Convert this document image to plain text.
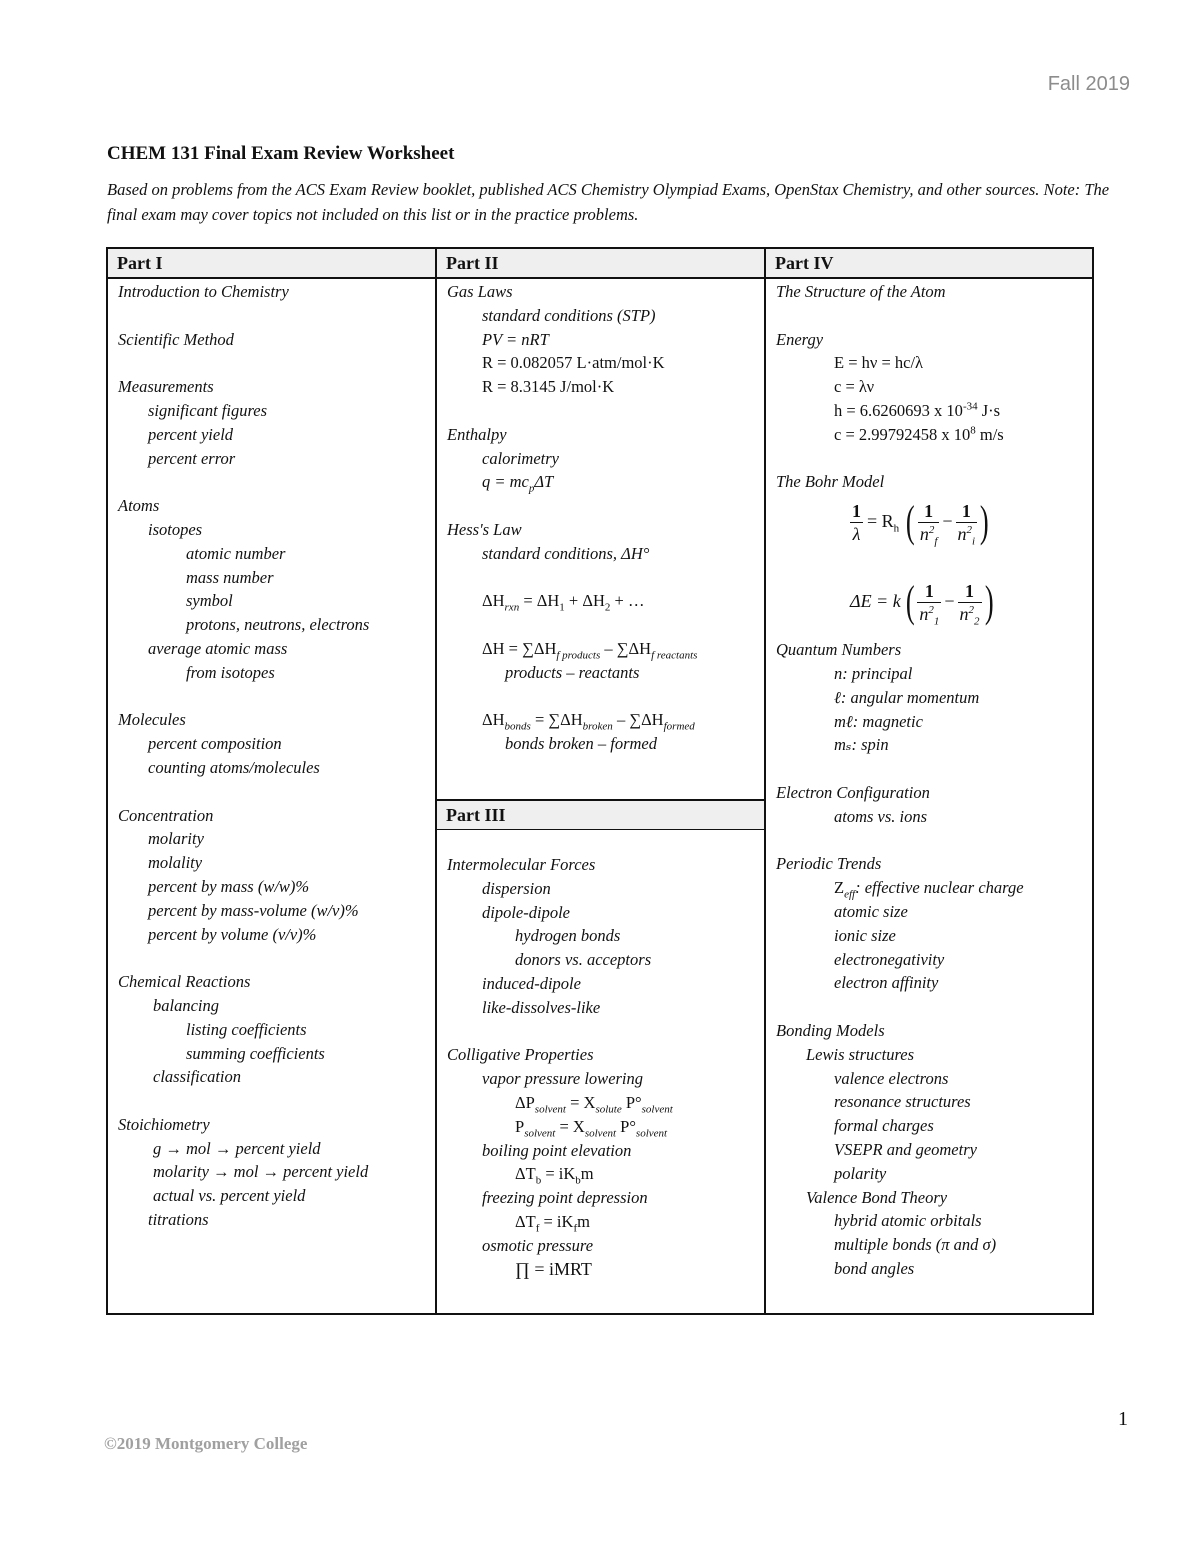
Fall 2019
CHEM 131 Final Exam Review Worksheet
Based on problems from the ACS Exam Review booklet, published ACS Chemistry Olympiad Exams, OpenStax Chemistry, and other sources. Note: The final exam may cover topics not included on this list or in the practice problems.
Part I	Part II	Part IV
Part III
Introduction to Chemistry
Scientific Method
Measurements
significant figures
percent yield
percent error
Atoms
isotopes
atomic number
mass number
symbol
protons, neutrons, electrons
average atomic mass
from isotopes
Molecules
percent composition
counting atoms/molecules
Concentration
molarity
molality
percent by mass (w/w)%
percent by mass-volume (w/v)%
percent by volume (v/v)%
Chemical Reactions
balancing
listing coefficients
summing coefficients
classification
Stoichiometry
g → mol → percent yield
molarity → mol → percent yield
actual vs. percent yield
titrations
Gas Laws
standard conditions (STP)
PV = nRT
R = 0.082057 L·atm/mol·K
R = 8.3145 J/mol·K
Enthalpy
calorimetry
$q = mc_p\Delta T$
Hess's Law
standard conditions, ΔH°
$\Delta H_{rxn} = \Delta H_1 + \Delta H_2$ + …
$\Delta H = \sum\Delta H_{f products} - \sum\Delta H_{f reactants}$
products – reactants
$\Delta H_{bonds} = \sum\Delta H_{broken} - \sum\Delta H_{formed}$
bonds broken – formed
Intermolecular Forces
dispersion
dipole-dipole
hydrogen bonds
donors vs. acceptors
induced-dipole
like-dissolves-like
Colligative Properties
vapor pressure lowering
$\Delta P_{solvent} = X_{solute}$ $P^\circ_{solvent}$
$P_{solvent} = X_{solvent}$ $P^\circ_{solvent}$
boiling point elevation
$\Delta T_b = iK_bm$
freezing point depression
$\Delta T_f = iK_fm$
osmotic pressure
∏ = iMRT
The Structure of the Atom
Energy
E = hν = hc/λ
c = λν
h = 6.6260693 x $10^{-34}$ J·s
c = 2.99792458 x $10^8$ m/s
The Bohr Model
$\frac{1}{\lambda} = R_h$ ( $\frac{1}{n^2_f} - \frac{1}{n^2_i}$ )
ΔE = k ( $\frac{1}{n^2_1} - \frac{1}{n^2_2}$ )
Quantum Numbers
n: principal
ℓ: angular momentum
mℓ: magnetic
mₛ: spin
Electron Configuration
atoms vs. ions
Periodic Trends
$Z_{eff}$: effective nuclear charge
atomic size
ionic size
electronegativity
electron affinity
Bonding Models
Lewis structures
valence electrons
resonance structures
formal charges
VSEPR and geometry
polarity
Valence Bond Theory
hybrid atomic orbitals
multiple bonds (π and σ)
bond angles
1
©2019 Montgomery College
